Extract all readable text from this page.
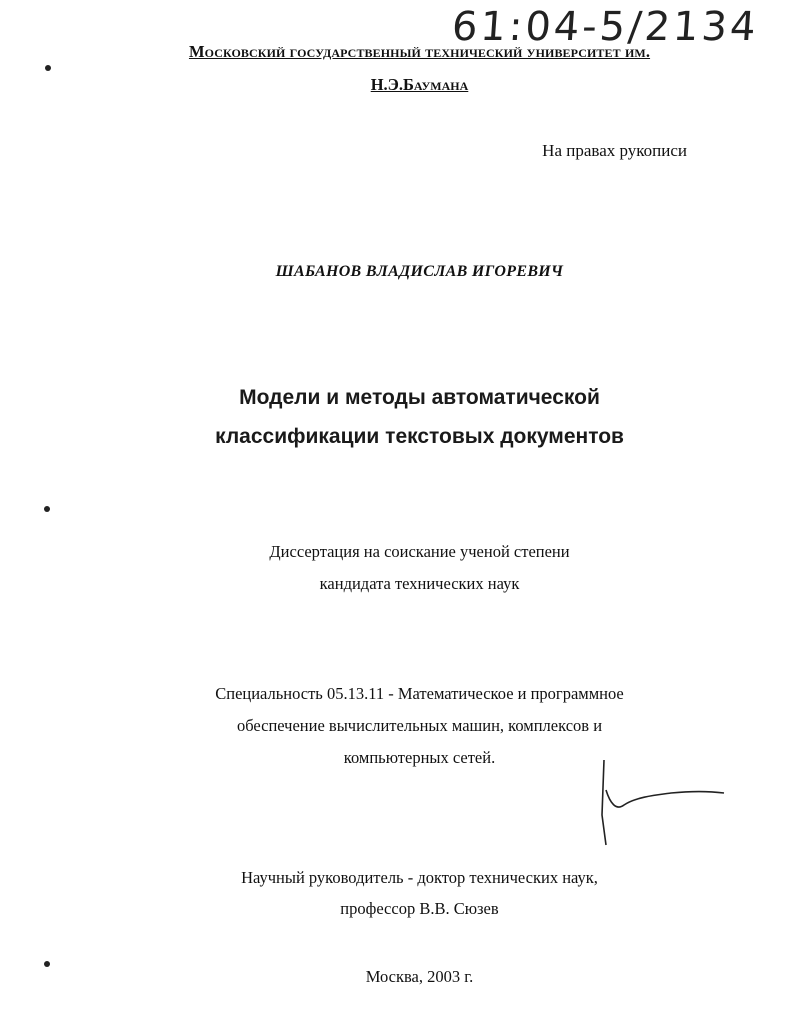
61:04-5/2134
Московский государственный технический университет им.
Н.Э.Баумана
На правах рукописи
ШАБАНОВ ВЛАДИСЛАВ ИГОРЕВИЧ
Модели и методы автоматической
классификации текстовых документов
Диссертация на соискание ученой степени
кандидата технических наук
Специальность 05.13.11 - Математическое и программное
обеспечение вычислительных машин, комплексов и
компьютерных сетей.
Научный руководитель - доктор технических наук,
профессор В.В. Сюзев
Москва, 2003 г.
